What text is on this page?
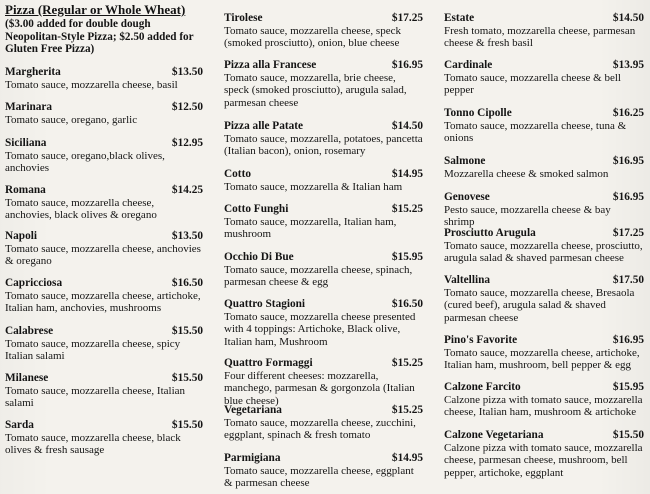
Pizza (Regular or Whole Wheat)
($3.00 added for double dough Neopolitan-Style Pizza; $2.50 added for Gluten Free Pizza)
Margherita	$13.50
Tomato sauce, mozzarella cheese, basil
Marinara	$12.50
Tomato sauce, oregano, garlic
Siciliana	$12.95
Tomato sauce, oregano,black olives, anchovies
Romana	$14.25
Tomato sauce, mozzarella cheese, anchovies, black olives & oregano
Napoli	$13.50
Tomato sauce, mozzarella cheese, anchovies & oregano
Capricciosa	$16.50
Tomato sauce, mozzarella cheese, artichoke, Italian ham, anchovies, mushrooms
Calabrese	$15.50
Tomato sauce, mozzarella cheese, spicy Italian salami
Milanese	$15.50
Tomato sauce, mozzarella cheese, Italian salami
Sarda	$15.50
Tomato sauce, mozzarella cheese, black olives & fresh sausage
Tirolese	$17.25
Tomato sauce, mozzarella cheese, speck (smoked prosciutto), onion, blue cheese
Pizza alla Francese	$16.95
Tomato sauce, mozzarella, brie cheese, speck (smoked prosciutto), arugula salad, parmesan cheese
Pizza alle Patate	$14.50
Tomato sauce, mozzarella, potatoes, pancetta (Italian bacon), onion, rosemary
Cotto	$14.95
Tomato sauce, mozzarella & Italian ham
Cotto Funghi	$15.25
Tomato sauce, mozzarella, Italian ham, mushroom
Occhio Di Bue	$15.95
Tomato sauce, mozzarella cheese, spinach, parmesan cheese & egg
Quattro Stagioni	$16.50
Tomato sauce, mozzarella cheese presented with 4 toppings: Artichoke, Black olive, Italian ham, Mushroom
Quattro Formaggi	$15.25
Four different cheeses: mozzarella, manchego, parmesan & gorgonzola (Italian blue cheese)
Vegetariana	$15.25
Tomato sauce, mozzarella cheese, zucchini, eggplant, spinach & fresh tomato
Parmigiana	$14.95
Tomato sauce, mozzarella cheese, eggplant & parmesan cheese
Estate	$14.50
Fresh tomato, mozzarella cheese, parmesan cheese & fresh basil
Cardinale	$13.95
Tomato sauce, mozzarella cheese & bell pepper
Tonno Cipolle	$16.25
Tomato sauce, mozzarella cheese, tuna & onions
Salmone	$16.95
Mozzarella cheese & smoked salmon
Genovese	$16.95
Pesto sauce, mozzarella cheese & bay shrimp
Prosciutto Arugula	$17.25
Tomato sauce, mozzarella cheese, prosciutto, arugula salad & shaved parmesan cheese
Valtellina	$17.50
Tomato sauce, mozzarella cheese, Bresaola (cured beef), arugula salad & shaved parmesan cheese
Pino's Favorite	$16.95
Tomato sauce, mozzarella cheese, artichoke, Italian ham, mushroom, bell pepper & egg
Calzone Farcito	$15.95
Calzone pizza with tomato sauce, mozzarella cheese, Italian ham, mushroom & artichoke
Calzone Vegetariana	$15.50
Calzone pizza with tomato sauce, mozzarella cheese, parmesan cheese, mushroom, bell pepper, artichoke, eggplant
